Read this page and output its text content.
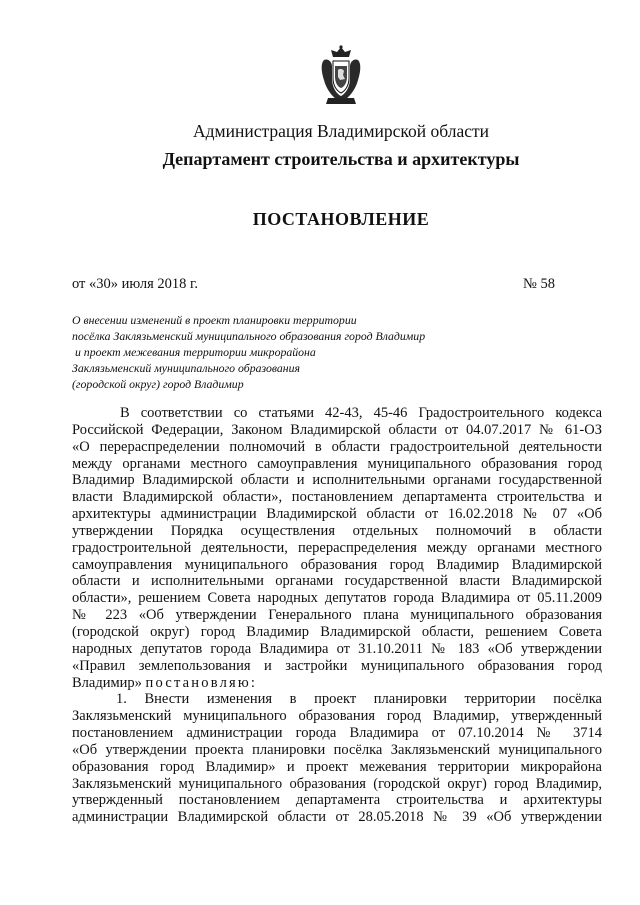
Администрация Владимирской области
Департамент строительства и архитектуры
ПОСТАНОВЛЕНИЕ
от «30» июля 2018 г.	№ 58
О внесении изменений в проект планировки территории
посёлка Заклязьменский муниципального образования город Владимир
и проект межевания территории микрорайона
Заклязьменский муниципального образования
(городской округ) город Владимир

В соответствии со статьями 42-43, 45-46 Градостроительного кодекса

Российской Федерации, Законом Владимирской области от 04.07.2017 № 61-ОЗ

«О перераспределении полномочий в области градостроительной деятельности

между органами местного самоуправления муниципального образования город

Владимир Владимирской области и исполнительными органами государственной

власти Владимирской области», постановлением департамента строительства и

архитектуры администрации Владимирской области от 16.02.2018 № 07 «Об

утверждении Порядка осуществления отдельных полномочий в области

градостроительной деятельности, перераспределения между органами местного

самоуправления муниципального образования город Владимир Владимирской

области и исполнительными органами государственной власти Владимирской

области», решением Совета народных депутатов города Владимира от 05.11.2009

№ 223 «Об утверждении Генерального плана муниципального образования

(городской округ) город Владимир Владимирской области, решением Совета

народных депутатов города Владимира от 31.10.2011 № 183 «Об утверждении

«Правил землепользования и застройки муниципального образования город

Владимир» постановляю:

1. Внести изменения в проект планировки территории посёлка

Заклязьменский муниципального образования город Владимир, утвержденный

постановлением администрации города Владимира от 07.10.2014 № 3714

«Об утверждении проекта планировки посёлка Заклязьменский муниципального

образования город Владимир» и проект межевания территории микрорайона

Заклязьменский муниципального образования (городской округ) город Владимир,

утвержденный постановлением департамента строительства и архитектуры

администрации Владимирской области от 28.05.2018 № 39 «Об утверждении
